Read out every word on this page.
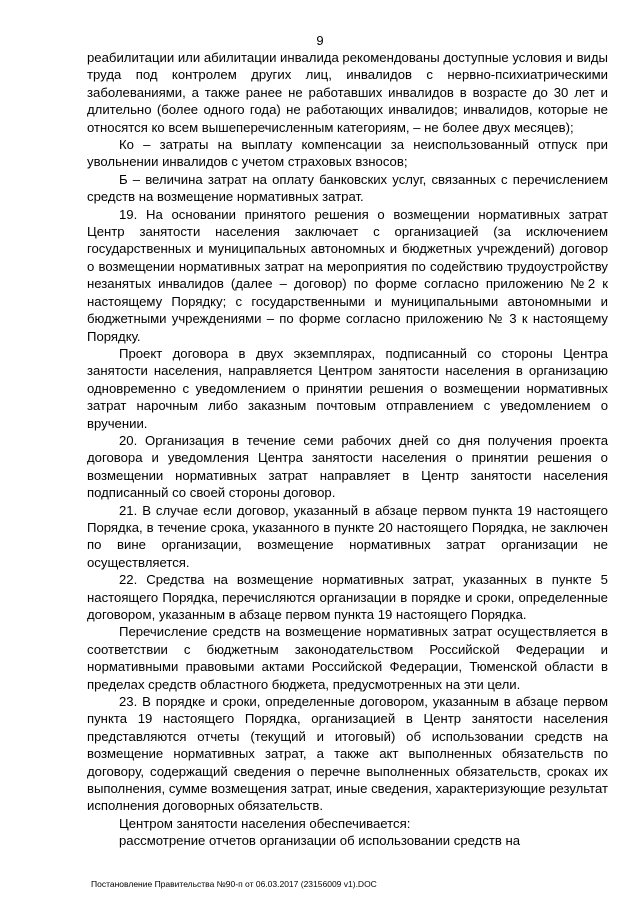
9

реабилитации или абилитации инвалида рекомендованы доступные условия и виды труда под контролем других лиц, инвалидов с нервно-психиатрическими заболеваниями, а также ранее не работавших инвалидов в возрасте до 30 лет и длительно (более одного года) не работающих инвалидов; инвалидов, которые не относятся ко всем вышеперечисленным категориям, – не более двух месяцев);

Ко – затраты на выплату компенсации за неиспользованный отпуск при увольнении инвалидов с учетом страховых взносов;

Б – величина затрат на оплату банковских услуг, связанных с перечислением средств на возмещение нормативных затрат.

19. На основании принятого решения о возмещении нормативных затрат Центр занятости населения заключает с организацией (за исключением государственных и муниципальных автономных и бюджетных учреждений) договор о возмещении нормативных затрат на мероприятия по содействию трудоустройству незанятых инвалидов (далее – договор) по форме согласно приложению №2 к настоящему Порядку; с государственными и муниципальными автономными и бюджетными учреждениями – по форме согласно приложению № 3 к настоящему Порядку.

Проект договора в двух экземплярах, подписанный со стороны Центра занятости населения, направляется Центром занятости населения в организацию одновременно с уведомлением о принятии решения о возмещении нормативных затрат нарочным либо заказным почтовым отправлением с уведомлением о вручении.

20. Организация в течение семи рабочих дней со дня получения проекта договора и уведомления Центра занятости населения о принятии решения о возмещении нормативных затрат направляет в Центр занятости населения подписанный со своей стороны договор.

21. В случае если договор, указанный в абзаце первом пункта 19 настоящего Порядка, в течение срока, указанного в пункте 20 настоящего Порядка, не заключен по вине организации, возмещение нормативных затрат организации не осуществляется.

22. Средства на возмещение нормативных затрат, указанных в пункте 5 настоящего Порядка, перечисляются организации в порядке и сроки, определенные договором, указанным в абзаце первом пункта 19 настоящего Порядка.

Перечисление средств на возмещение нормативных затрат осуществляется в соответствии с бюджетным законодательством Российской Федерации и нормативными правовыми актами Российской Федерации, Тюменской области в пределах средств областного бюджета, предусмотренных на эти цели.

23. В порядке и сроки, определенные договором, указанным в абзаце первом пункта 19 настоящего Порядка, организацией в Центр занятости населения представляются отчеты (текущий и итоговый) об использовании средств на возмещение нормативных затрат, а также акт выполненных обязательств по договору, содержащий сведения о перечне выполненных обязательств, сроках их выполнения, сумме возмещения затрат, иные сведения, характеризующие результат исполнения договорных обязательств.

Центром занятости населения обеспечивается:

рассмотрение отчетов организации об использовании средств на

Постановление Правительства №90-п от 06.03.2017 (23156009 v1).DOC
